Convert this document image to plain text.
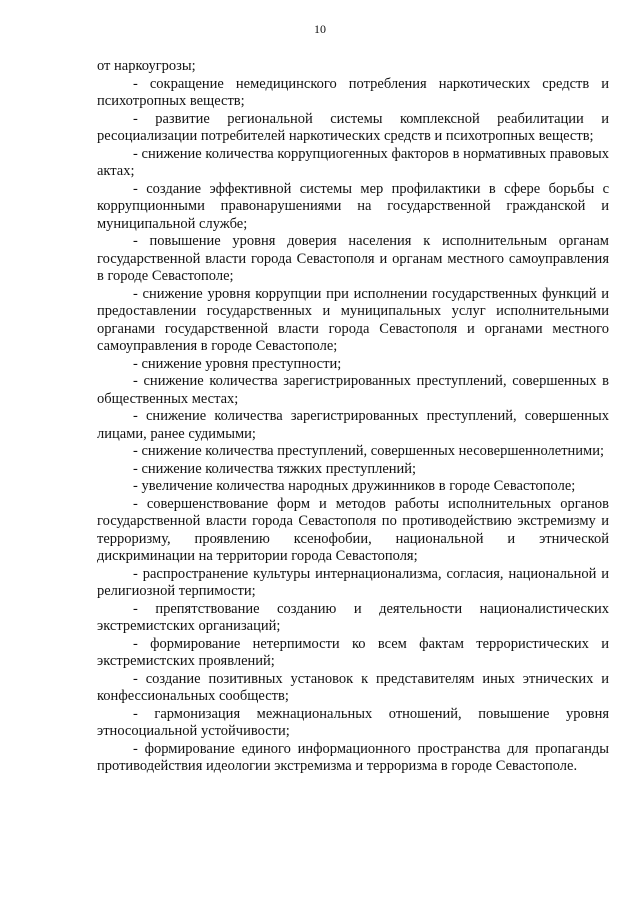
10

от наркоугрозы;

- сокращение немедицинского потребления наркотических средств и психотропных веществ;

- развитие региональной системы комплексной реабилитации и ресоциализации потребителей наркотических средств и психотропных веществ;

- снижение количества коррупциогенных факторов в нормативных правовых актах;

- создание эффективной системы мер профилактики в сфере борьбы с коррупционными правонарушениями на государственной гражданской и муниципальной службе;

- повышение уровня доверия населения к исполнительным органам государственной власти города Севастополя и органам местного самоуправления в городе Севастополе;

- снижение уровня коррупции при исполнении государственных функций и предоставлении государственных и муниципальных услуг исполнительными органами государственной власти города Севастополя и органами местного самоуправления в городе Севастополе;

- снижение уровня преступности;

- снижение количества зарегистрированных преступлений, совершенных в общественных местах;

- снижение количества зарегистрированных преступлений, совершенных лицами, ранее судимыми;

- снижение количества преступлений, совершенных несовершеннолетними;

- снижение количества тяжких преступлений;

- увеличение количества народных дружинников в городе Севастополе;

- совершенствование форм и методов работы исполнительных органов государственной власти города Севастополя по противодействию экстремизму и терроризму, проявлению ксенофобии, национальной и этнической дискриминации на территории города Севастополя;

- распространение культуры интернационализма, согласия, национальной и религиозной терпимости;

- препятствование созданию и деятельности националистических экстремистских организаций;

- формирование нетерпимости ко всем фактам террористических и экстремистских проявлений;

- создание позитивных установок к представителям иных этнических и конфессиональных сообществ;

- гармонизация межнациональных отношений, повышение уровня этносоциальной устойчивости;

- формирование единого информационного пространства для пропаганды противодействия идеологии экстремизма и терроризма в городе Севастополе.
